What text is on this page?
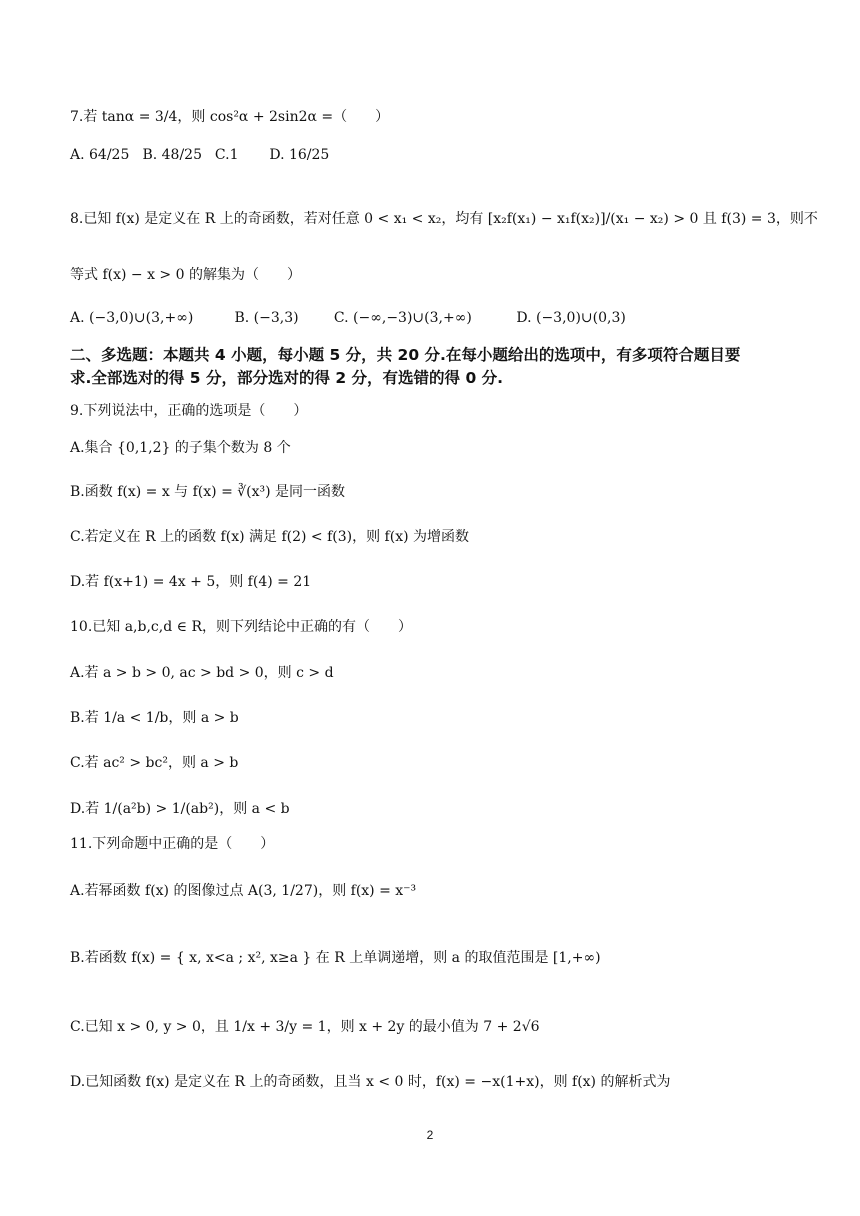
7.若 tanα = 3/4，则 cos²α + 2sin2α =（　　）
A. 64/25 B. 48/25 C.1 D. 16/25
8.已知 f(x) 是定义在 R 上的奇函数，若对任意 0 < x₁ < x₂，均有 [x₂f(x₁) − x₁f(x₂)]/(x₁ − x₂) > 0 且 f(3) = 3，则不
等式 f(x) − x > 0 的解集为（　　）
A. (−3,0)∪(3,+∞)	B. (−3,3)	C. (−∞,−3)∪(3,+∞)	D. (−3,0)∪(0,3)
二、多选题：本题共 4 小题，每小题 5 分，共 20 分.在每小题给出的选项中，有多项符合题目要
求.全部选对的得 5 分，部分选对的得 2 分，有选错的得 0 分.
9.下列说法中，正确的选项是（　　）
A.集合 {0,1,2} 的子集个数为 8 个
B.函数 f(x) = x 与 f(x) = ∛(x³) 是同一函数
C.若定义在 R 上的函数 f(x) 满足 f(2) < f(3)，则 f(x) 为增函数
D.若 f(x+1) = 4x + 5，则 f(4) = 21
10.已知 a,b,c,d ∈ R，则下列结论中正确的有（　　）
A.若 a > b > 0, ac > bd > 0，则 c > d
B.若 1/a < 1/b，则 a > b
C.若 ac² > bc²，则 a > b
D.若 1/(a²b) > 1/(ab²)，则 a < b
11.下列命题中正确的是（　　）
A.若幂函数 f(x) 的图像过点 A(3, 1/27)，则 f(x) = x⁻³
B.若函数 f(x) = { x, x<a ; x², x≥a } 在 R 上单调递增，则 a 的取值范围是 [1,+∞)
C.已知 x > 0, y > 0，且 1/x + 3/y = 1，则 x + 2y 的最小值为 7 + 2√6
D.已知函数 f(x) 是定义在 R 上的奇函数，且当 x < 0 时，f(x) = −x(1+x)，则 f(x) 的解析式为
2
